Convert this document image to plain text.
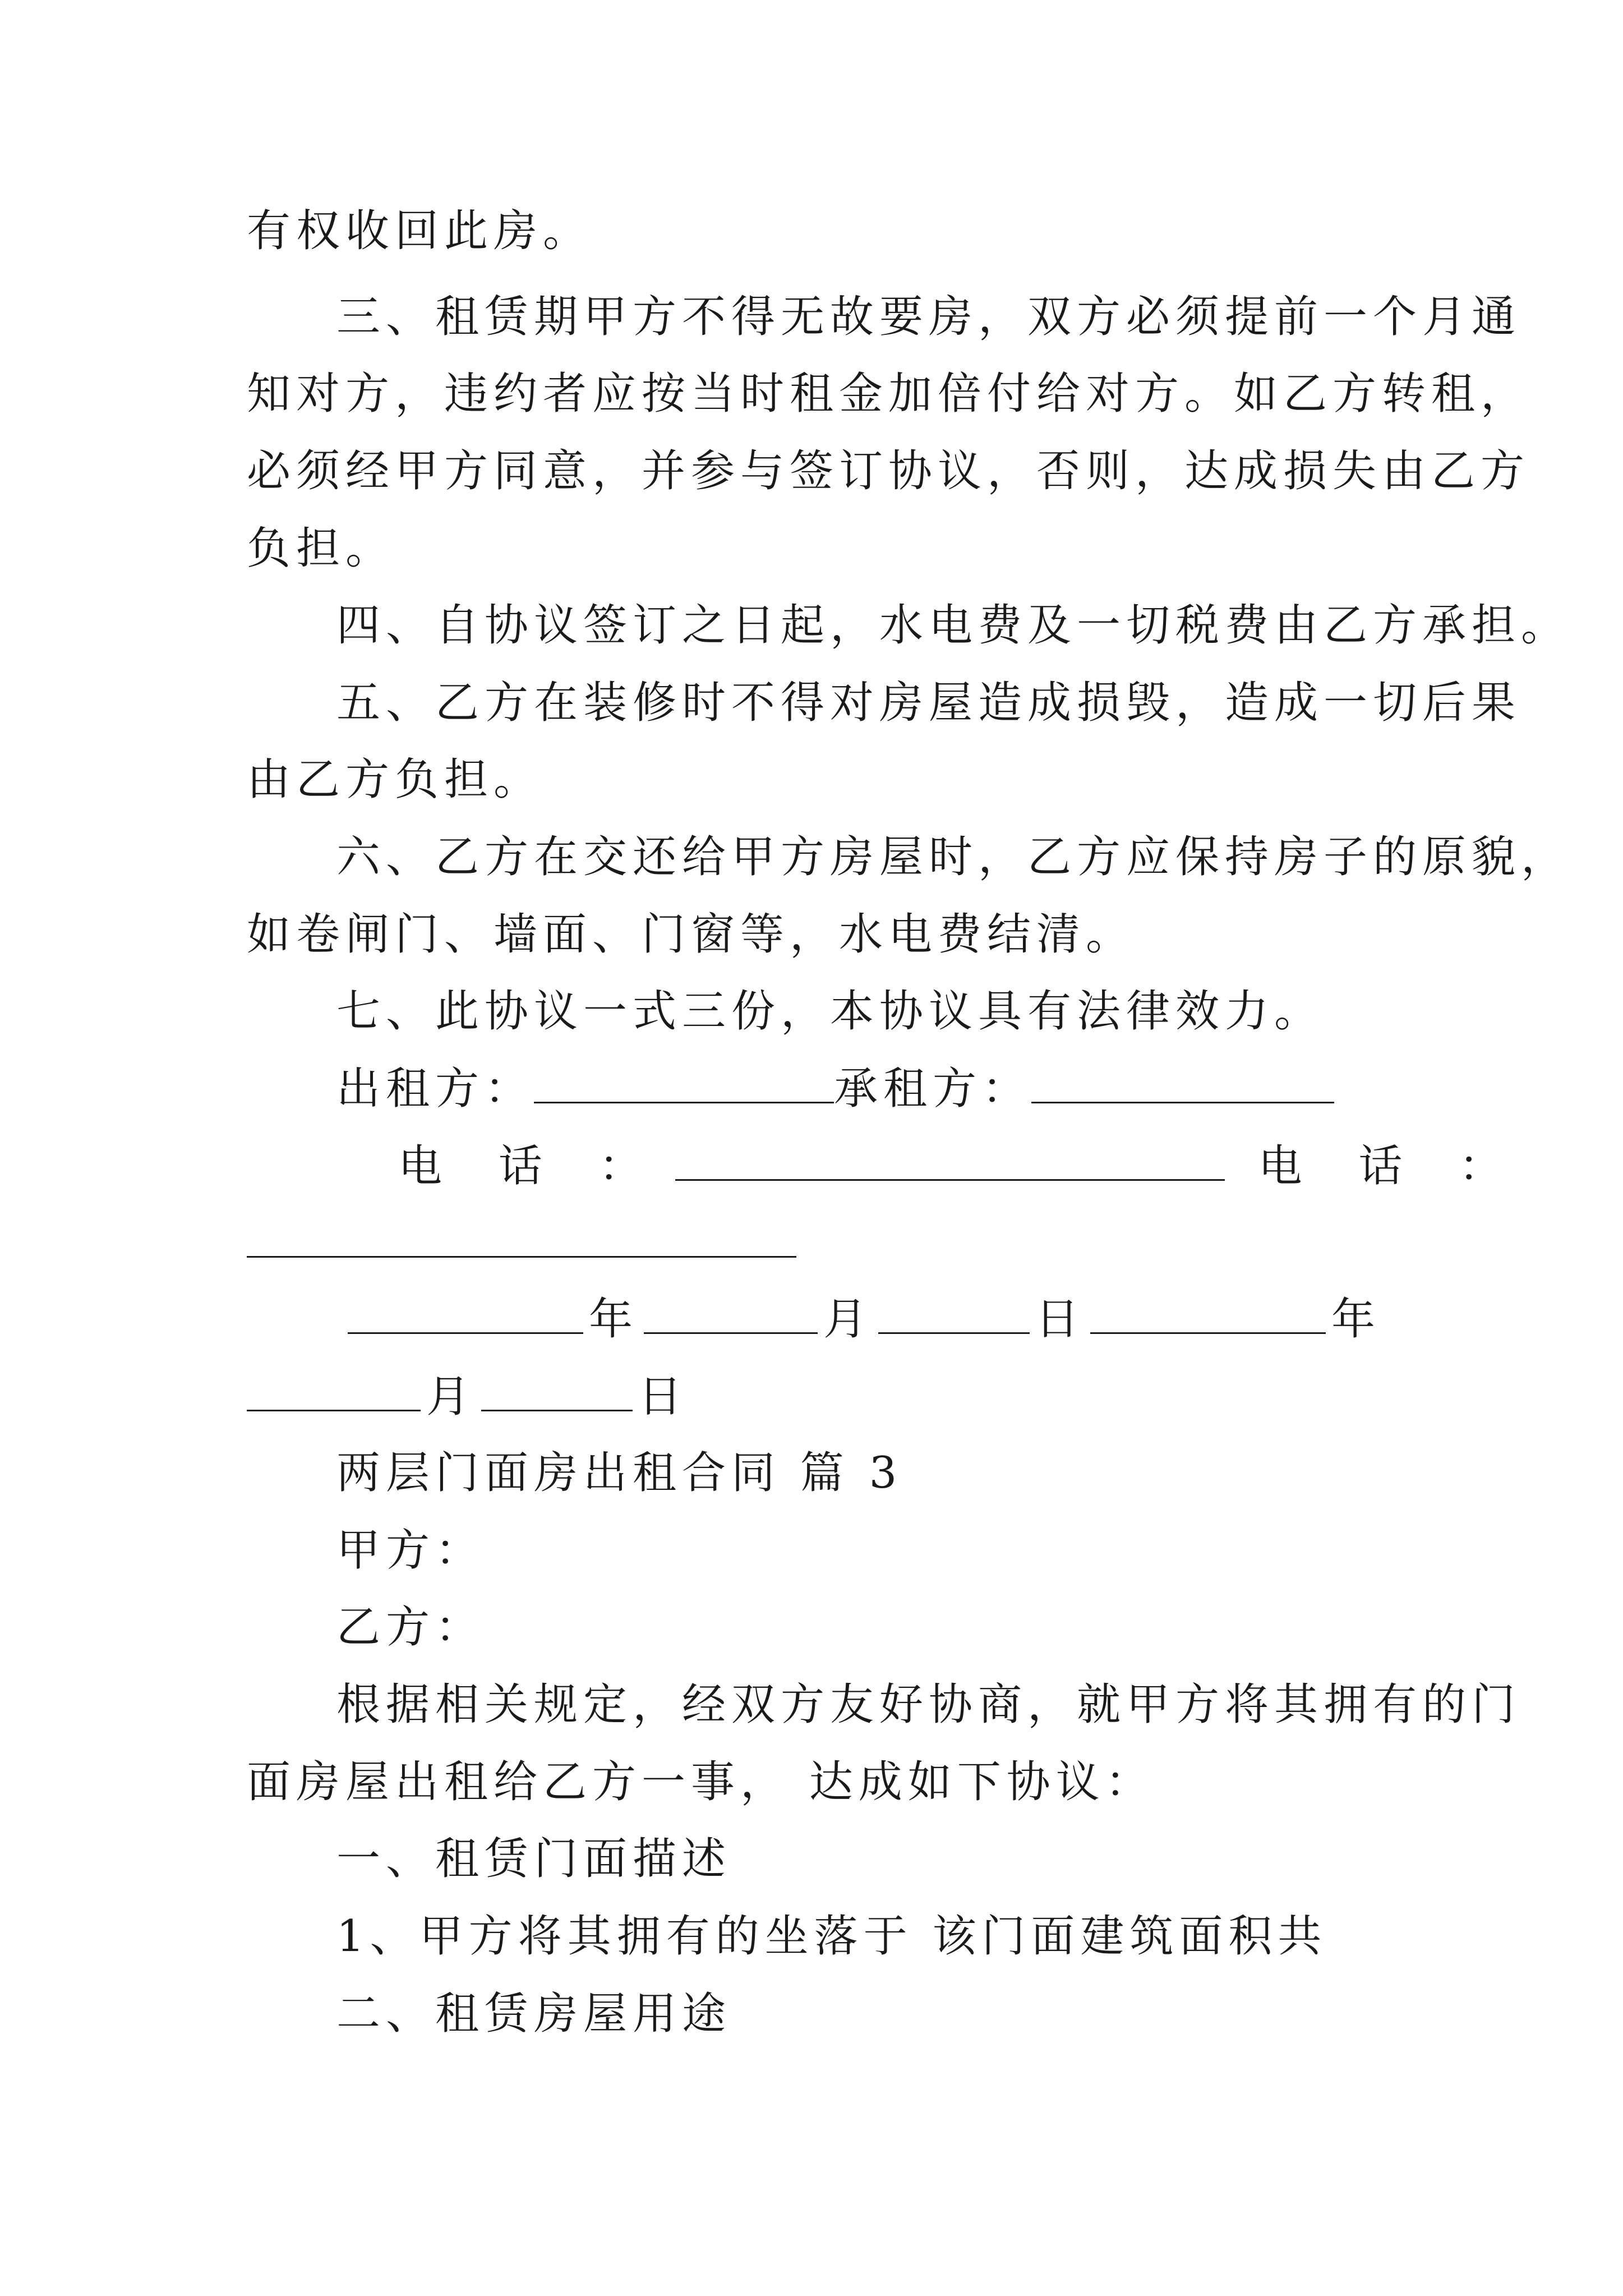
有权收回此房。
三、租赁期甲方不得无故要房，双方必须提前一个月通
知对方，违约者应按当时租金加倍付给对方。如乙方转租，
必须经甲方同意，并参与签订协议，否则，达成损失由乙方
负担。
四、自协议签订之日起，水电费及一切税费由乙方承担。
五、乙方在装修时不得对房屋造成损毁，造成一切后果
由乙方负担。
六、乙方在交还给甲方房屋时，乙方应保持房子的原貌，
如卷闸门、墙面、门窗等，水电费结清。
七、此协议一式三份，本协议具有法律效力。
出租方：	承租方：
电 话 ：	电 话 ：
年	月	日	年
月	日
两层门面房出租合同 篇 3
甲方：
乙方：
根据相关规定，经双方友好协商，就甲方将其拥有的门
面房屋出租给乙方一事， 达成如下协议：
一、租赁门面描述
1、甲方将其拥有的坐落于 该门面建筑面积共
二、租赁房屋用途
